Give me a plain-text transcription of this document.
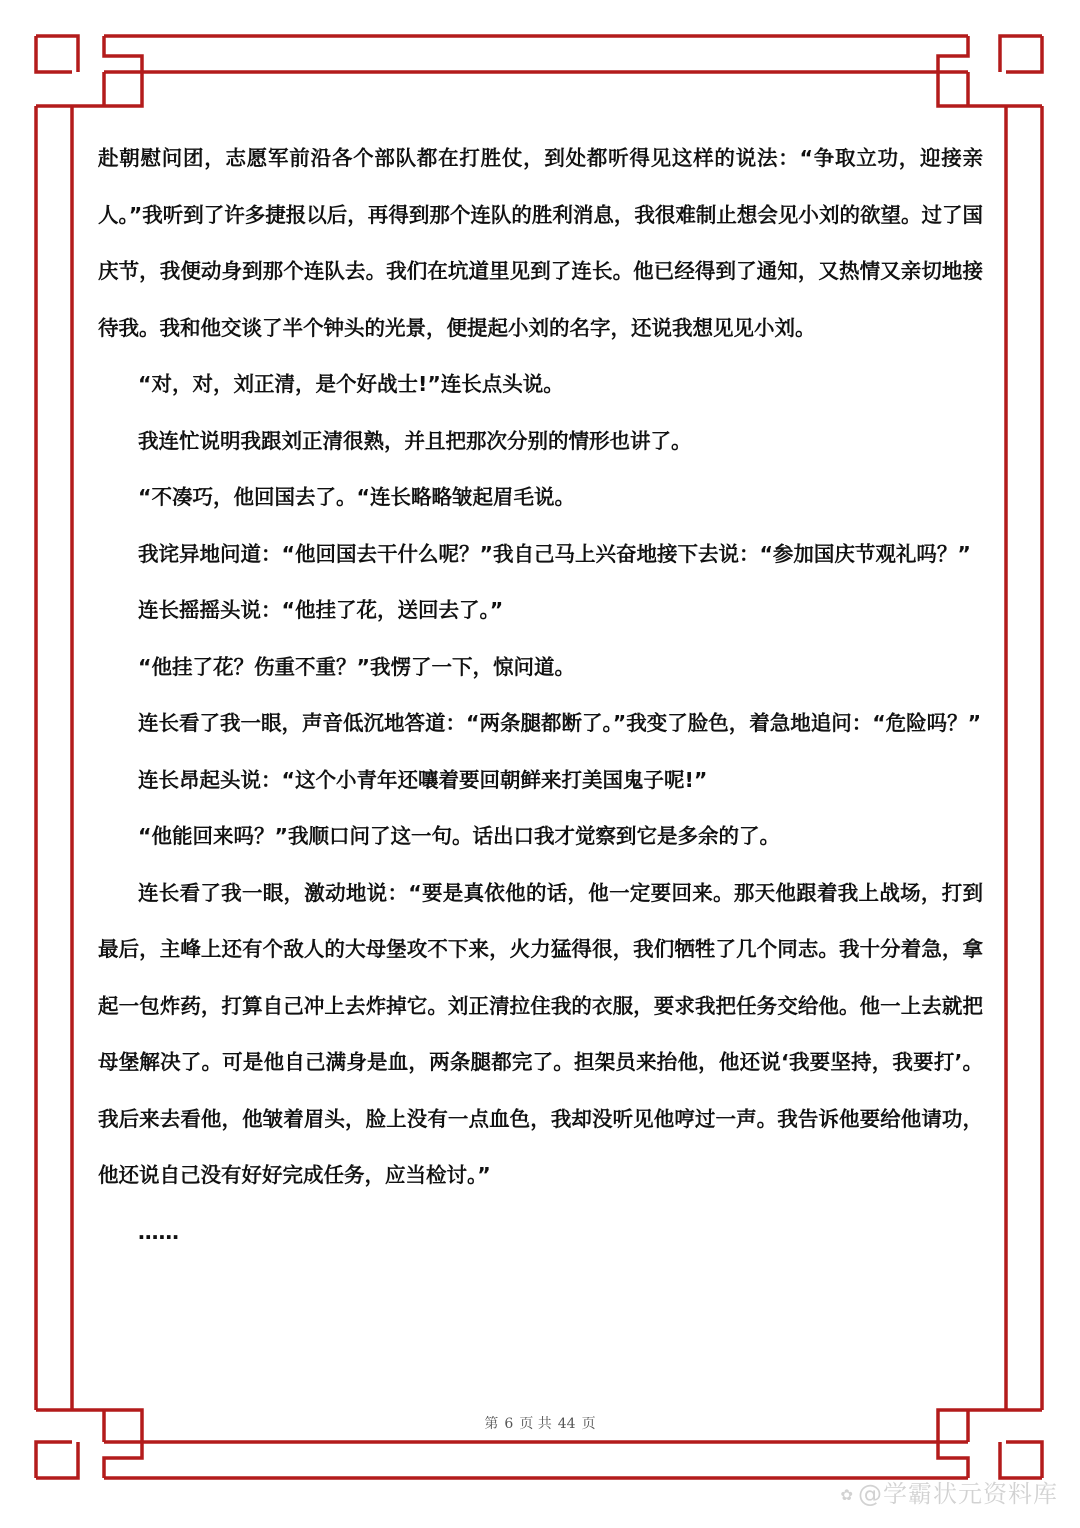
赴朝慰问团，志愿军前沿各个部队都在打胜仗，到处都听得见这样的说法：“争取立功，迎接亲人。”我听到了许多捷报以后，再得到那个连队的胜利消息，我很难制止想会见小刘的欲望。过了国庆节，我便动身到那个连队去。我们在坑道里见到了连长。他已经得到了通知，又热情又亲切地接待我。我和他交谈了半个钟头的光景，便提起小刘的名字，还说我想见见小刘。

“对，对，刘正清，是个好战士!”连长点头说。

我连忙说明我跟刘正清很熟，并且把那次分别的情形也讲了。

“不凑巧，他回国去了。“连长略略皱起眉毛说。

我诧异地问道：“他回国去干什么呢？”我自己马上兴奋地接下去说：“参加国庆节观礼吗？”

连长摇摇头说：“他挂了花，送回去了。”

“他挂了花？伤重不重？”我愣了一下，惊问道。

连长看了我一眼，声音低沉地答道：“两条腿都断了。”我变了脸色，着急地追问：“危险吗？”

连长昂起头说：“这个小青年还嚷着要回朝鲜来打美国鬼子呢!”

“他能回来吗？”我顺口问了这一句。话出口我才觉察到它是多余的了。

连长看了我一眼，激动地说：“要是真依他的话，他一定要回来。那天他跟着我上战场，打到最后，主峰上还有个敌人的大母堡攻不下来，火力猛得很，我们牺牲了几个同志。我十分着急，拿起一包炸药，打算自己冲上去炸掉它。刘正清拉住我的衣服，要求我把任务交给他。他一上去就把母堡解决了。可是他自己满身是血，两条腿都完了。担架员来抬他，他还说‘我要坚持，我要打’。我后来去看他，他皱着眉头，脸上没有一点血色，我却没听见他哼过一声。我告诉他要给他请功，他还说自己没有好好完成任务，应当检讨。”

……

第 6 页 共 44 页
✿ @学霸状元资料库
